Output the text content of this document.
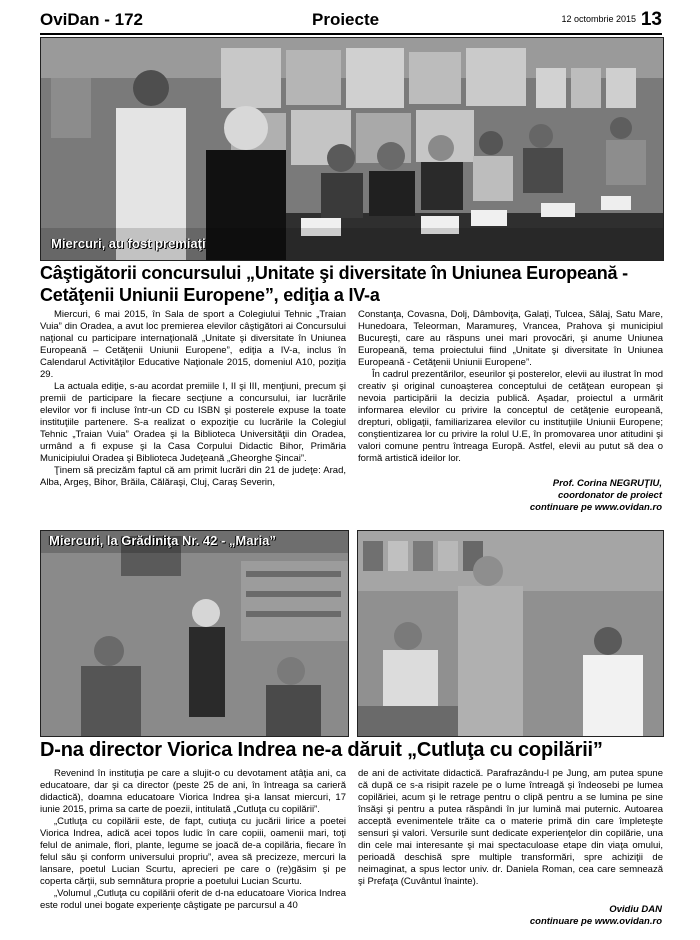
OviDan - 172	Proiecte	12 octombrie 2015 13
Miercuri, au fost premiaţi
Câştigătorii concursului „Unitate şi diversitate în Uniunea Europeană - Cetăţenii Uniunii Europene”, ediţia a IV-a

Miercuri, 6 mai 2015, în Sala de sport a Colegiului Tehnic „Traian Vuia” din Oradea, a avut loc premierea elevilor câştigători ai Concursului naţional cu participare internaţională „Unitate şi diversitate în Uniunea Europeană – Cetăţenii Uniunii Europene”, ediţia a IV-a, inclus în Calendarul Activităţilor Educative Naţionale 2015, domeniul A10, poziţia 29.

La actuala ediţie, s-au acordat premiile I, II şi III, menţiuni, precum şi premii de participare la fiecare secţiune a concursului, iar lucrările elevilor vor fi incluse într-un CD cu ISBN şi posterele expuse la toate instituţiile partenere. S-a realizat o expoziţie cu lucrările la Colegiul Tehnic „Traian Vuia” Oradea şi la Biblioteca Universităţii din Oradea, urmând a fi expuse şi la Casa Corpului Didactic Bihor, Primăria Municipiului Oradea şi Biblioteca Judeţeană „Gheorghe Şincai”.

Ţinem să precizăm faptul că am primit lucrări din 21 de judeţe: Arad, Alba, Argeş, Bihor, Brăila, Călăraşi, Cluj, Caraş Severin,

Constanţa, Covasna, Dolj, Dâmboviţa, Galaţi, Tulcea, Sălaj, Satu Mare, Hunedoara, Teleorman, Maramureş, Vrancea, Prahova şi municipiul Bucureşti, care au răspuns unei mari provocări, şi anume Uniunea Europeană, tema proiectului fiind „Unitate şi diversitate în Uniunea Europeană - Cetăţenii Uniunii Europene”.

În cadrul prezentărilor, eseurilor şi posterelor, elevii au ilustrat în mod creativ şi original cunoaşterea conceptului de cetăţean european şi nevoia participării la decizia publică. Aşadar, proiectul a urmărit informarea elevilor cu privire la conceptul de cetăţenie europeană, drepturi, obligaţii, familiarizarea elevilor cu instituţiile Uniunii Europene; conştientizarea lor cu privire la rolul U.E, în promovarea unor atitudini şi valori comune pentru întreaga Europă. Astfel, elevii au putut să dea o formă artistică ideilor lor.

Prof. Corina NEGRUŢIU,
coordonator de proiect
continuare pe www.ovidan.ro
Miercuri, la Grădiniţa Nr. 42 - „Maria”
D-na director Viorica Indrea ne-a dăruit „Cutluţa cu copilării”

Revenind în instituţia pe care a slujit-o cu devotament atâţia ani, ca educatoare, dar şi ca director (peste 25 de ani, în întreaga sa carieră didactică), doamna educatoare Viorica Indrea şi-a lansat miercuri, 17 iunie 2015, prima sa carte de poezii, intitulată „Cutluţa cu copilării”.

„Cutluţa cu copilării este, de fapt, cutiuţa cu jucării lirice a poetei Viorica Indrea, adică acei topos ludic în care copiii, oamenii mari, toţi felul de animale, flori, plante, legume se joacă de-a copilăria, fiecare în felul său şi conform universului propriu”, avea să precizeze, mercuri la lansare, poetul Lucian Scurtu, aprecieri pe care o (re)găsim şi pe coperta cărţii, sub semnătura proprie a poetului Lucian Scurtu.

„Volumul „Cutluţa cu copilării oferit de d-na educatoare Viorica Indrea este rodul unei bogate experienţe câştigate pe parcursul a 40

de ani de activitate didactică. Parafrazându-l pe Jung, am putea spune că după ce s-a risipit razele pe o lume întreagă şi îndeosebi pe lumea copilăriei, acum şi le retrage pentru o clipă pentru a se lumina pe sine însăşi şi pentru a putea răspândi în jur lumină mai puternic. Autoarea acceptă evenimentele trăite ca o materie primă din care împleteşte sensuri şi valori. Versurile sunt dedicate experienţelor din copilărie, una din cele mai interesante şi mai spectaculoase etape din viaţa omului, perioadă deschisă spre multiple transformări, spre achiziţii de neimaginat, a spus lector univ. dr. Daniela Roman, cea care semnează şi Prefaţa (Cuvântul înainte).

Ovidiu DAN
continuare pe www.ovidan.ro
